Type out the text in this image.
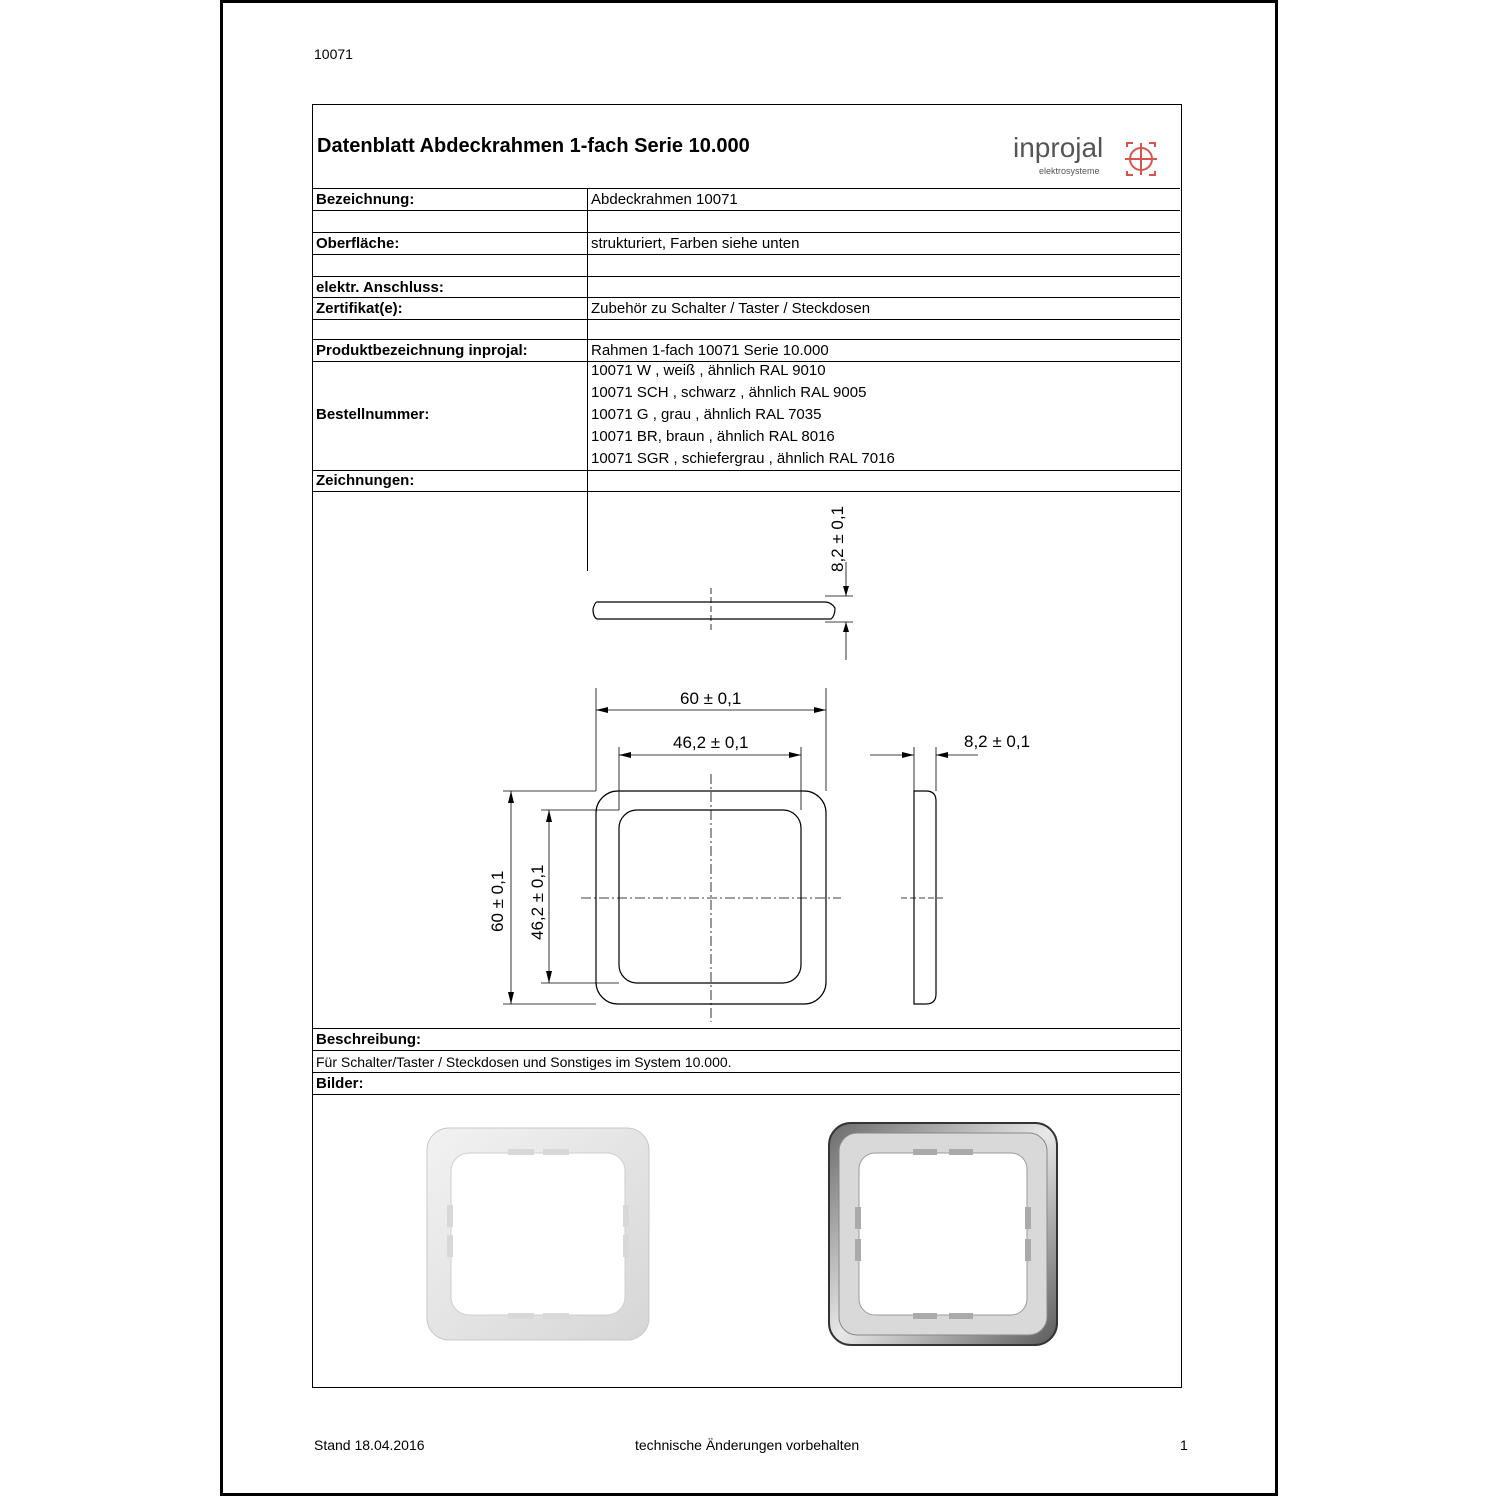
10071
Datenblatt Abdeckrahmen 1-fach Serie 10.000	inprojal
elektrosysteme
Bezeichnung:	Abdeckrahmen 10071
Oberfläche:	strukturiert, Farben siehe unten
elektr. Anschluss:
Zertifikat(e):	Zubehör zu Schalter / Taster / Steckdosen
Produktbezeichnung inprojal:	Rahmen 1-fach 10071 Serie 10.000
Bestellnummer:
10071 W , weiß , ähnlich RAL 9010
10071 SCH , schwarz , ähnlich RAL 9005
10071 G , grau , ähnlich RAL 7035
10071 BR, braun , ähnlich RAL 8016
10071 SGR , schiefergrau , ähnlich RAL 7016
Zeichnungen:
8,2 ± 0,1
60 ± 0,1
46,2 ± 0,1	8,2 ± 0,1
60 ± 0,1 46,2 ± 0,1
Beschreibung:
Für Schalter/Taster / Steckdosen und Sonstiges im System 10.000.
Bilder:
Stand 18.04.2016	technische Änderungen vorbehalten	1
